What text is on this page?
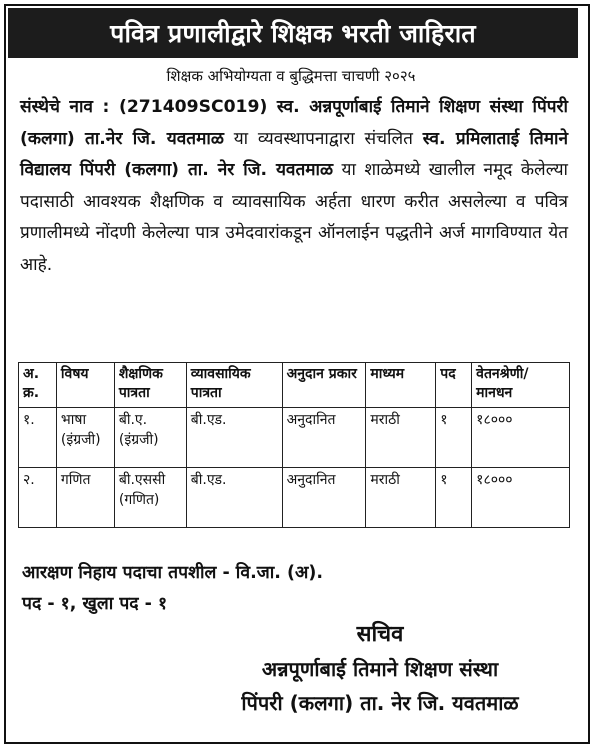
पवित्र प्रणालीद्वारे शिक्षक भरती जाहिरात
शिक्षक अभियोग्यता व बुद्धिमत्ता चाचणी २०२५
संस्थेचे नाव : (271409SC019) स्व. अन्नपूर्णाबाई तिमाने शिक्षण संस्था पिंपरी (कलगा) ता.नेर जि. यवतमाळ या व्यवस्थापनाद्वारा संचलित स्व. प्रमिलाताई तिमाने विद्यालय पिंपरी (कलगा) ता. नेर जि. यवतमाळ या शाळेमध्ये खालील नमूद केलेल्या पदासाठी आवश्यक शैक्षणिक व व्यावसायिक अर्हता धारण करीत असलेल्या व पवित्र प्रणालीमध्ये नोंदणी केलेल्या पात्र उमेदवारांकडून ऑनलाईन पद्धतीने अर्ज मागविण्यात येत आहे.
अ. क्र.	विषय	शैक्षणिक पात्रता	व्यावसायिक पात्रता	अनुदान प्रकार	माध्यम	पद	वेतनश्रेणी/ मानधन
१.	भाषा (इंग्रजी)	बी.ए. (इंग्रजी)	बी.एड.	अनुदानित	मराठी	१	१८०००
२.	गणित	बी.एससी (गणित)	बी.एड.	अनुदानित	मराठी	१	१८०००
आरक्षण निहाय पदाचा तपशील - वि.जा. (अ).
पद - १, खुला पद - १
सचिव
अन्नपूर्णाबाई तिमाने शिक्षण संस्था
पिंपरी (कलगा) ता. नेर जि. यवतमाळ
